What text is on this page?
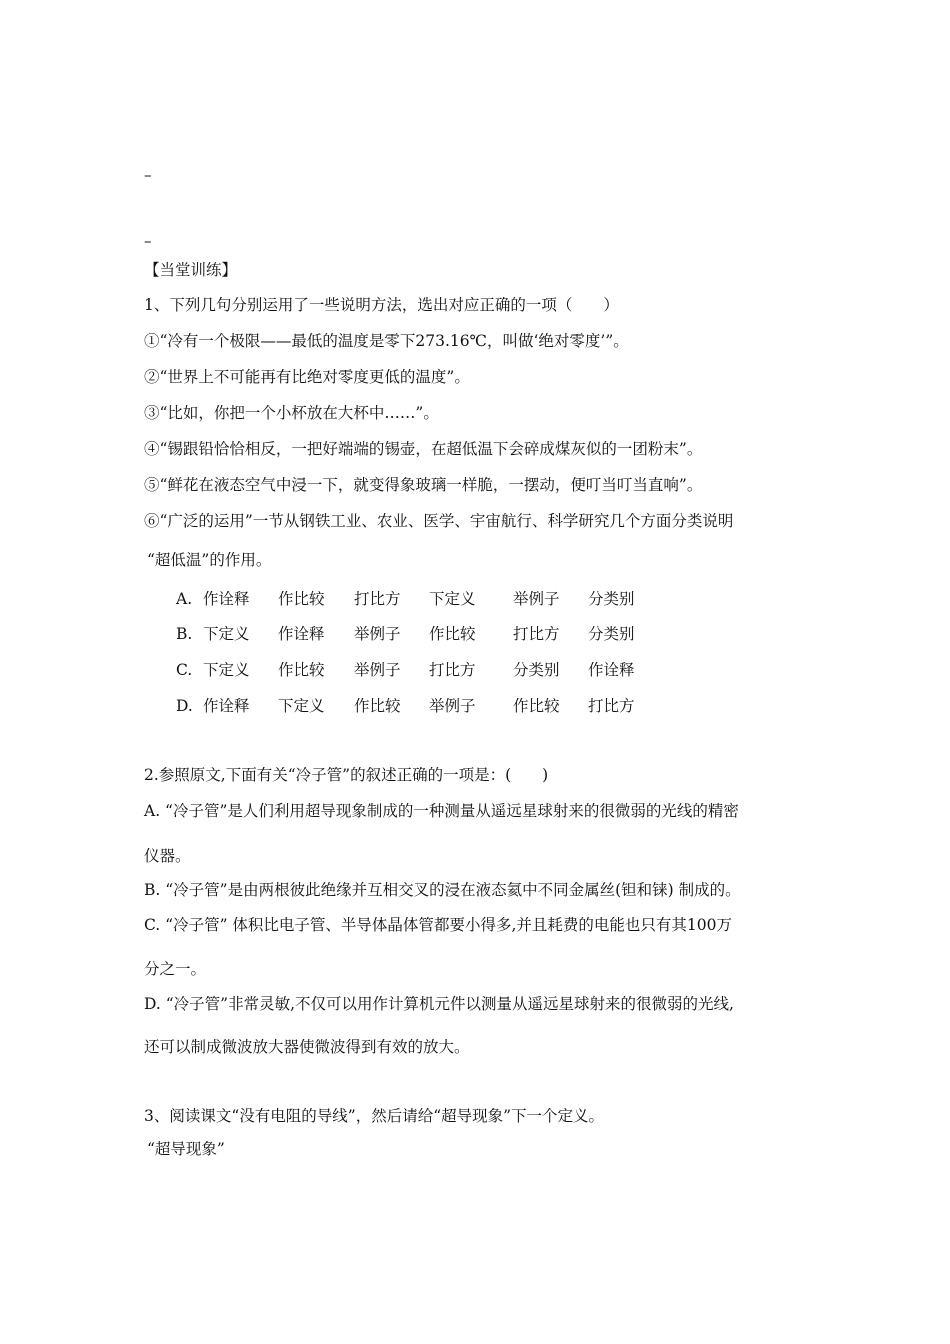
–
–
【当堂训练】
1、下列几句分别运用了一些说明方法，选出对应正确的一项（　　）
①“冷有一个极限——最低的温度是零下273.16℃，叫做‘绝对零度’”。
②“世界上不可能再有比绝对零度更低的温度”。
③“比如，你把一个小杯放在大杯中……”。
④“锡跟铅恰恰相反，一把好端端的锡壶，在超低温下会碎成煤灰似的一团粉末”。
⑤“鲜花在液态空气中浸一下，就变得象玻璃一样脆，一摆动，便叮当叮当直响”。
⑥“广泛的运用”一节从钢铁工业、农业、医学、宇宙航行、科学研究几个方面分类说明
“超低温”的作用。
A. 作诠释 作比较 打比方 下定义 举例子 分类别
B. 下定义 作诠释 举例子 作比较 打比方 分类别
C. 下定义 作比较 举例子 打比方 分类别 作诠释
D. 作诠释 下定义 作比较 举例子 作比较 打比方
2.参照原文,下面有关“冷子管”的叙述正确的一项是：(　　)
A. “冷子管”是人们利用超导现象制成的一种测量从遥远星球射来的很微弱的光线的精密
仪器。
B. “冷子管”是由两根彼此绝缘并互相交叉的浸在液态氦中不同金属丝(钽和铼) 制成的。
C. “冷子管” 体积比电子管、半导体晶体管都要小得多,并且耗费的电能也只有其100万
分之一。
D. “冷子管”非常灵敏,不仅可以用作计算机元件以测量从遥远星球射来的很微弱的光线,
还可以制成微波放大器使微波得到有效的放大。
3、阅读课文“没有电阻的导线”，然后请给“超导现象”下一个定义。
“超导现象”
